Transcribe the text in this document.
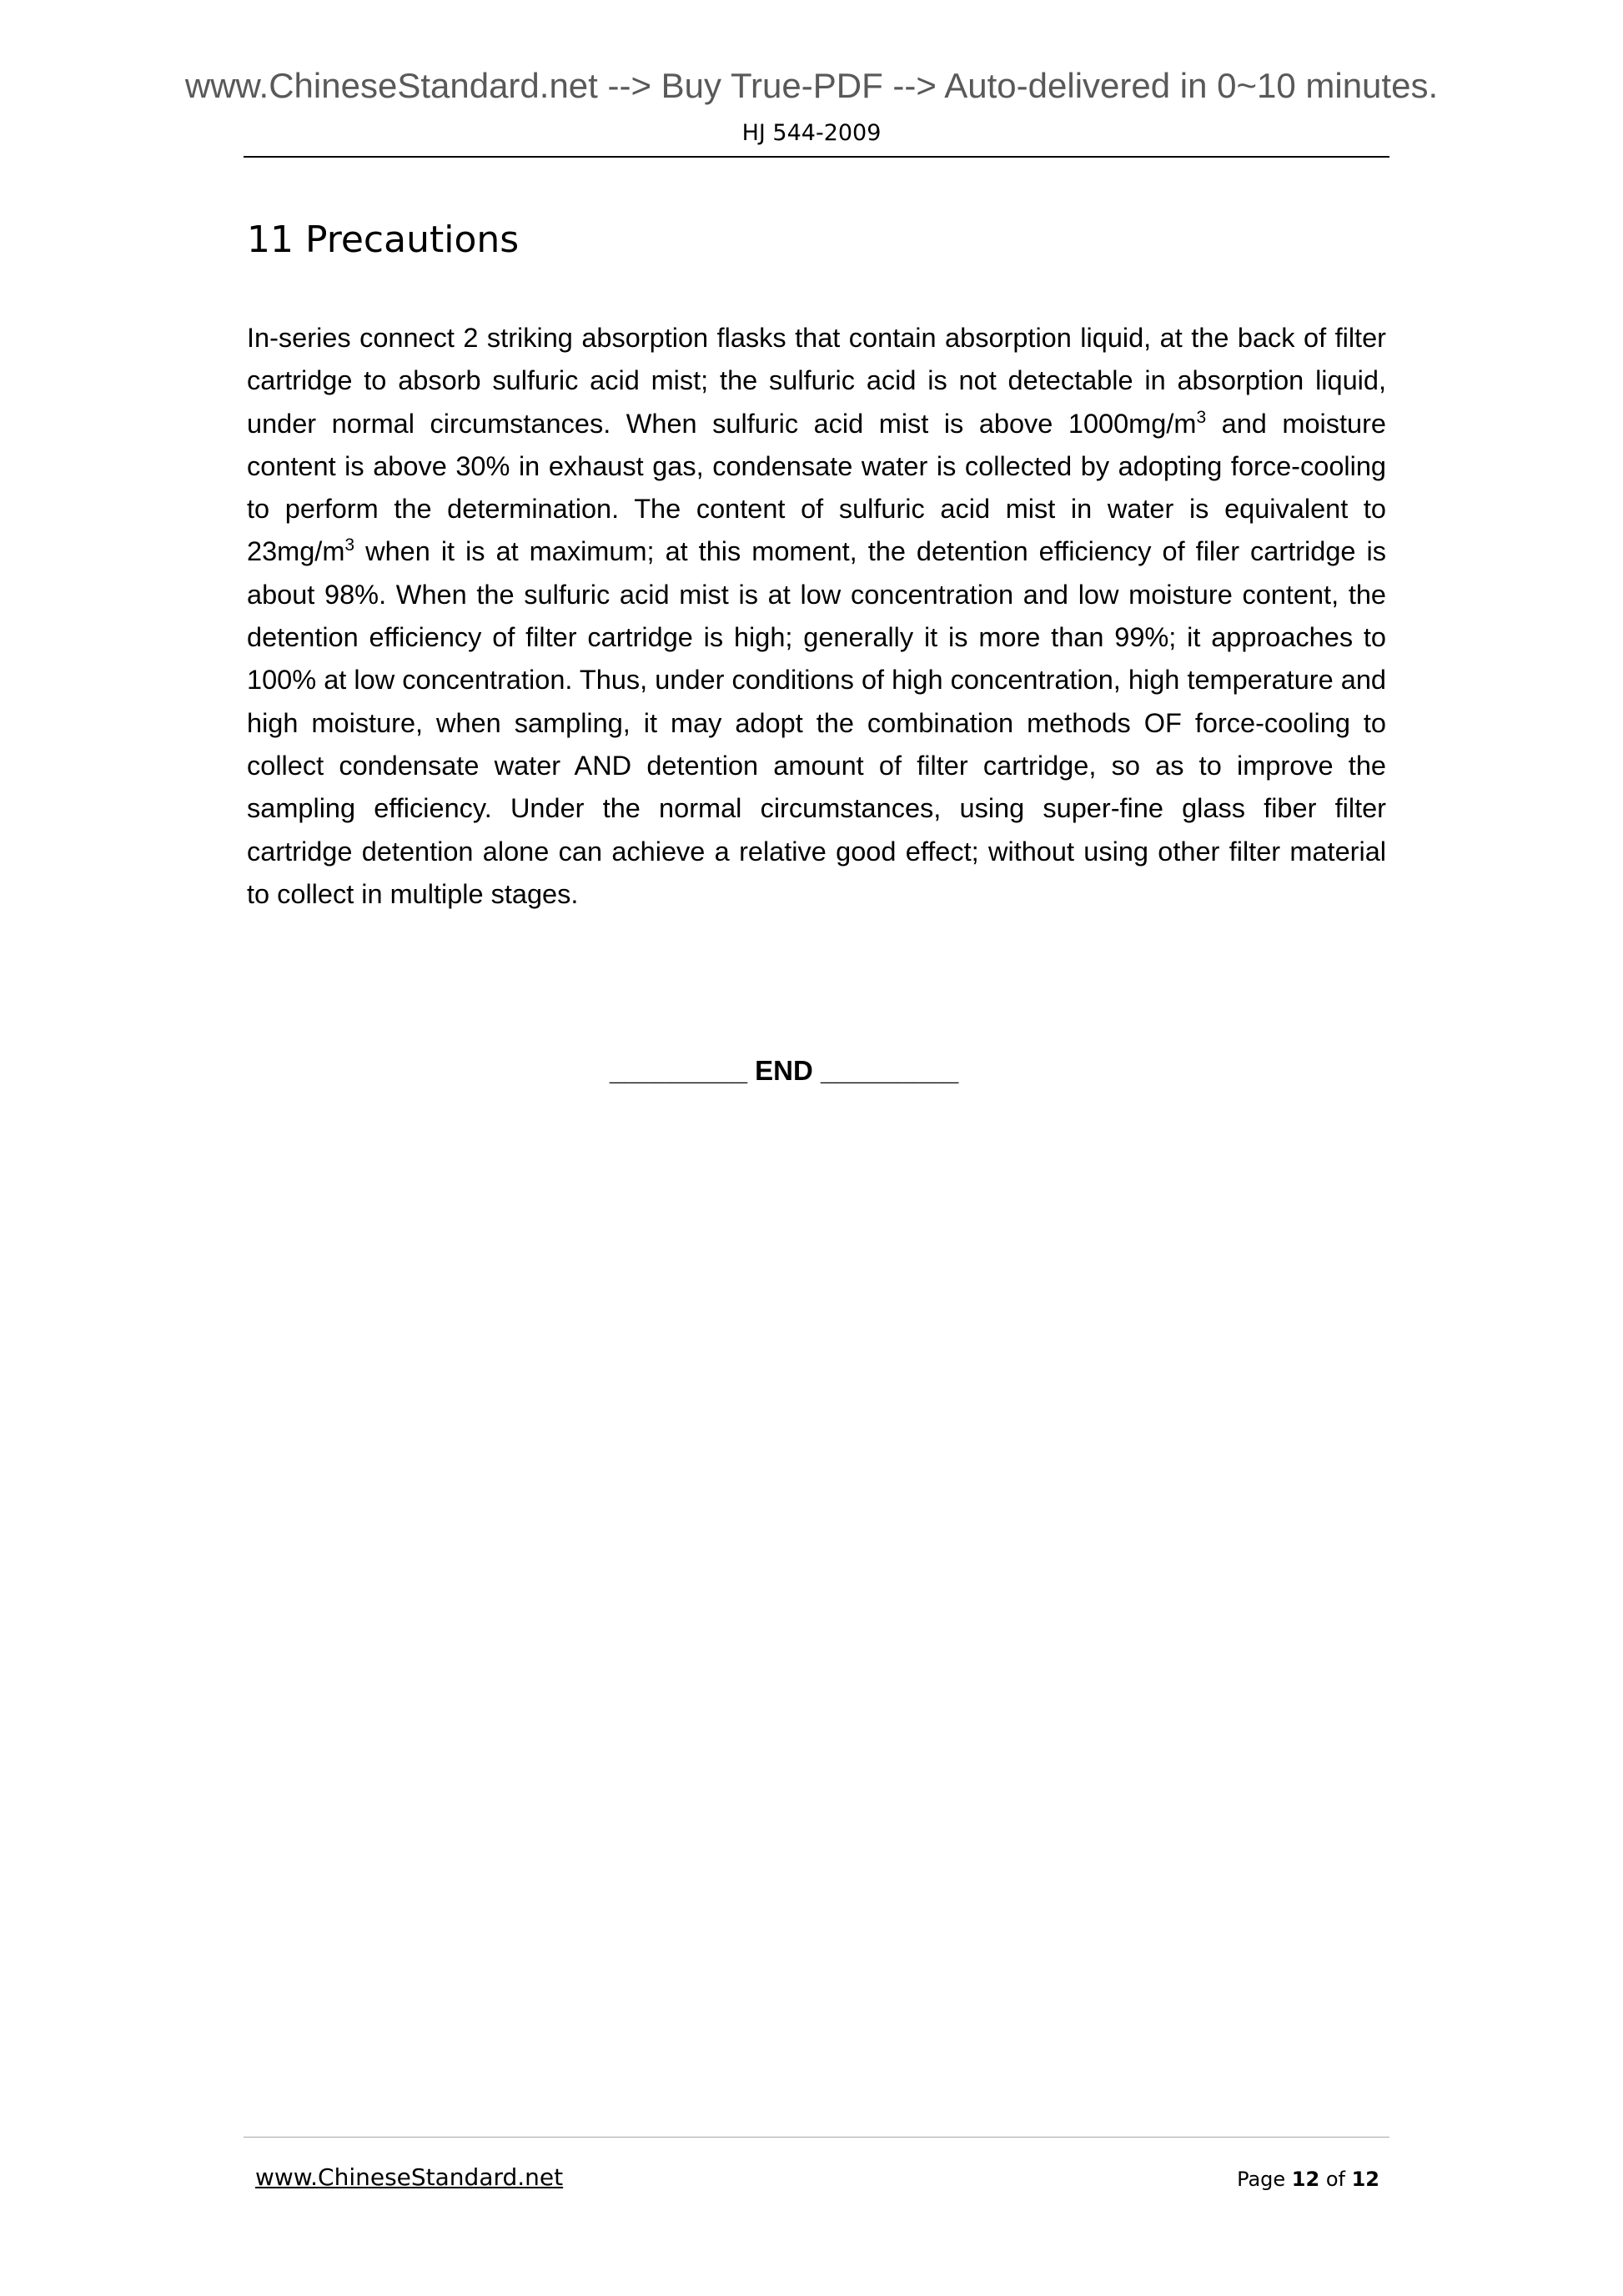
www.ChineseStandard.net --> Buy True-PDF --> Auto-delivered in 0~10 minutes.
HJ 544-2009
11 Precautions

In-series connect 2 striking absorption flasks that contain absorption liquid, at the back of filter cartridge to absorb sulfuric acid mist; the sulfuric acid is not detectable in absorption liquid, under normal circumstances. When sulfuric acid mist is above $1000mg/m^3$ and moisture content is above 30% in exhaust gas, condensate water is collected by adopting force-cooling to perform the determination. The content of sulfuric acid mist in water is equivalent to $23mg/m^3$ when it is at maximum; at this moment, the detention efficiency of filer cartridge is about 98%. When the sulfuric acid mist is at low concentration and low moisture content, the detention efficiency of filter cartridge is high; generally it is more than 99%; it approaches to 100% at low concentration. Thus, under conditions of high concentration, high temperature and high moisture, when sampling, it may adopt the combination methods OF force-cooling to collect condensate water AND detention amount of filter cartridge, so as to improve the sampling efficiency. Under the normal circumstances, using super-fine glass fiber filter cartridge detention alone can achieve a relative good effect; without using other filter material to collect in multiple stages.

_________ END _________
www.ChineseStandard.net	Page 12 of 12
